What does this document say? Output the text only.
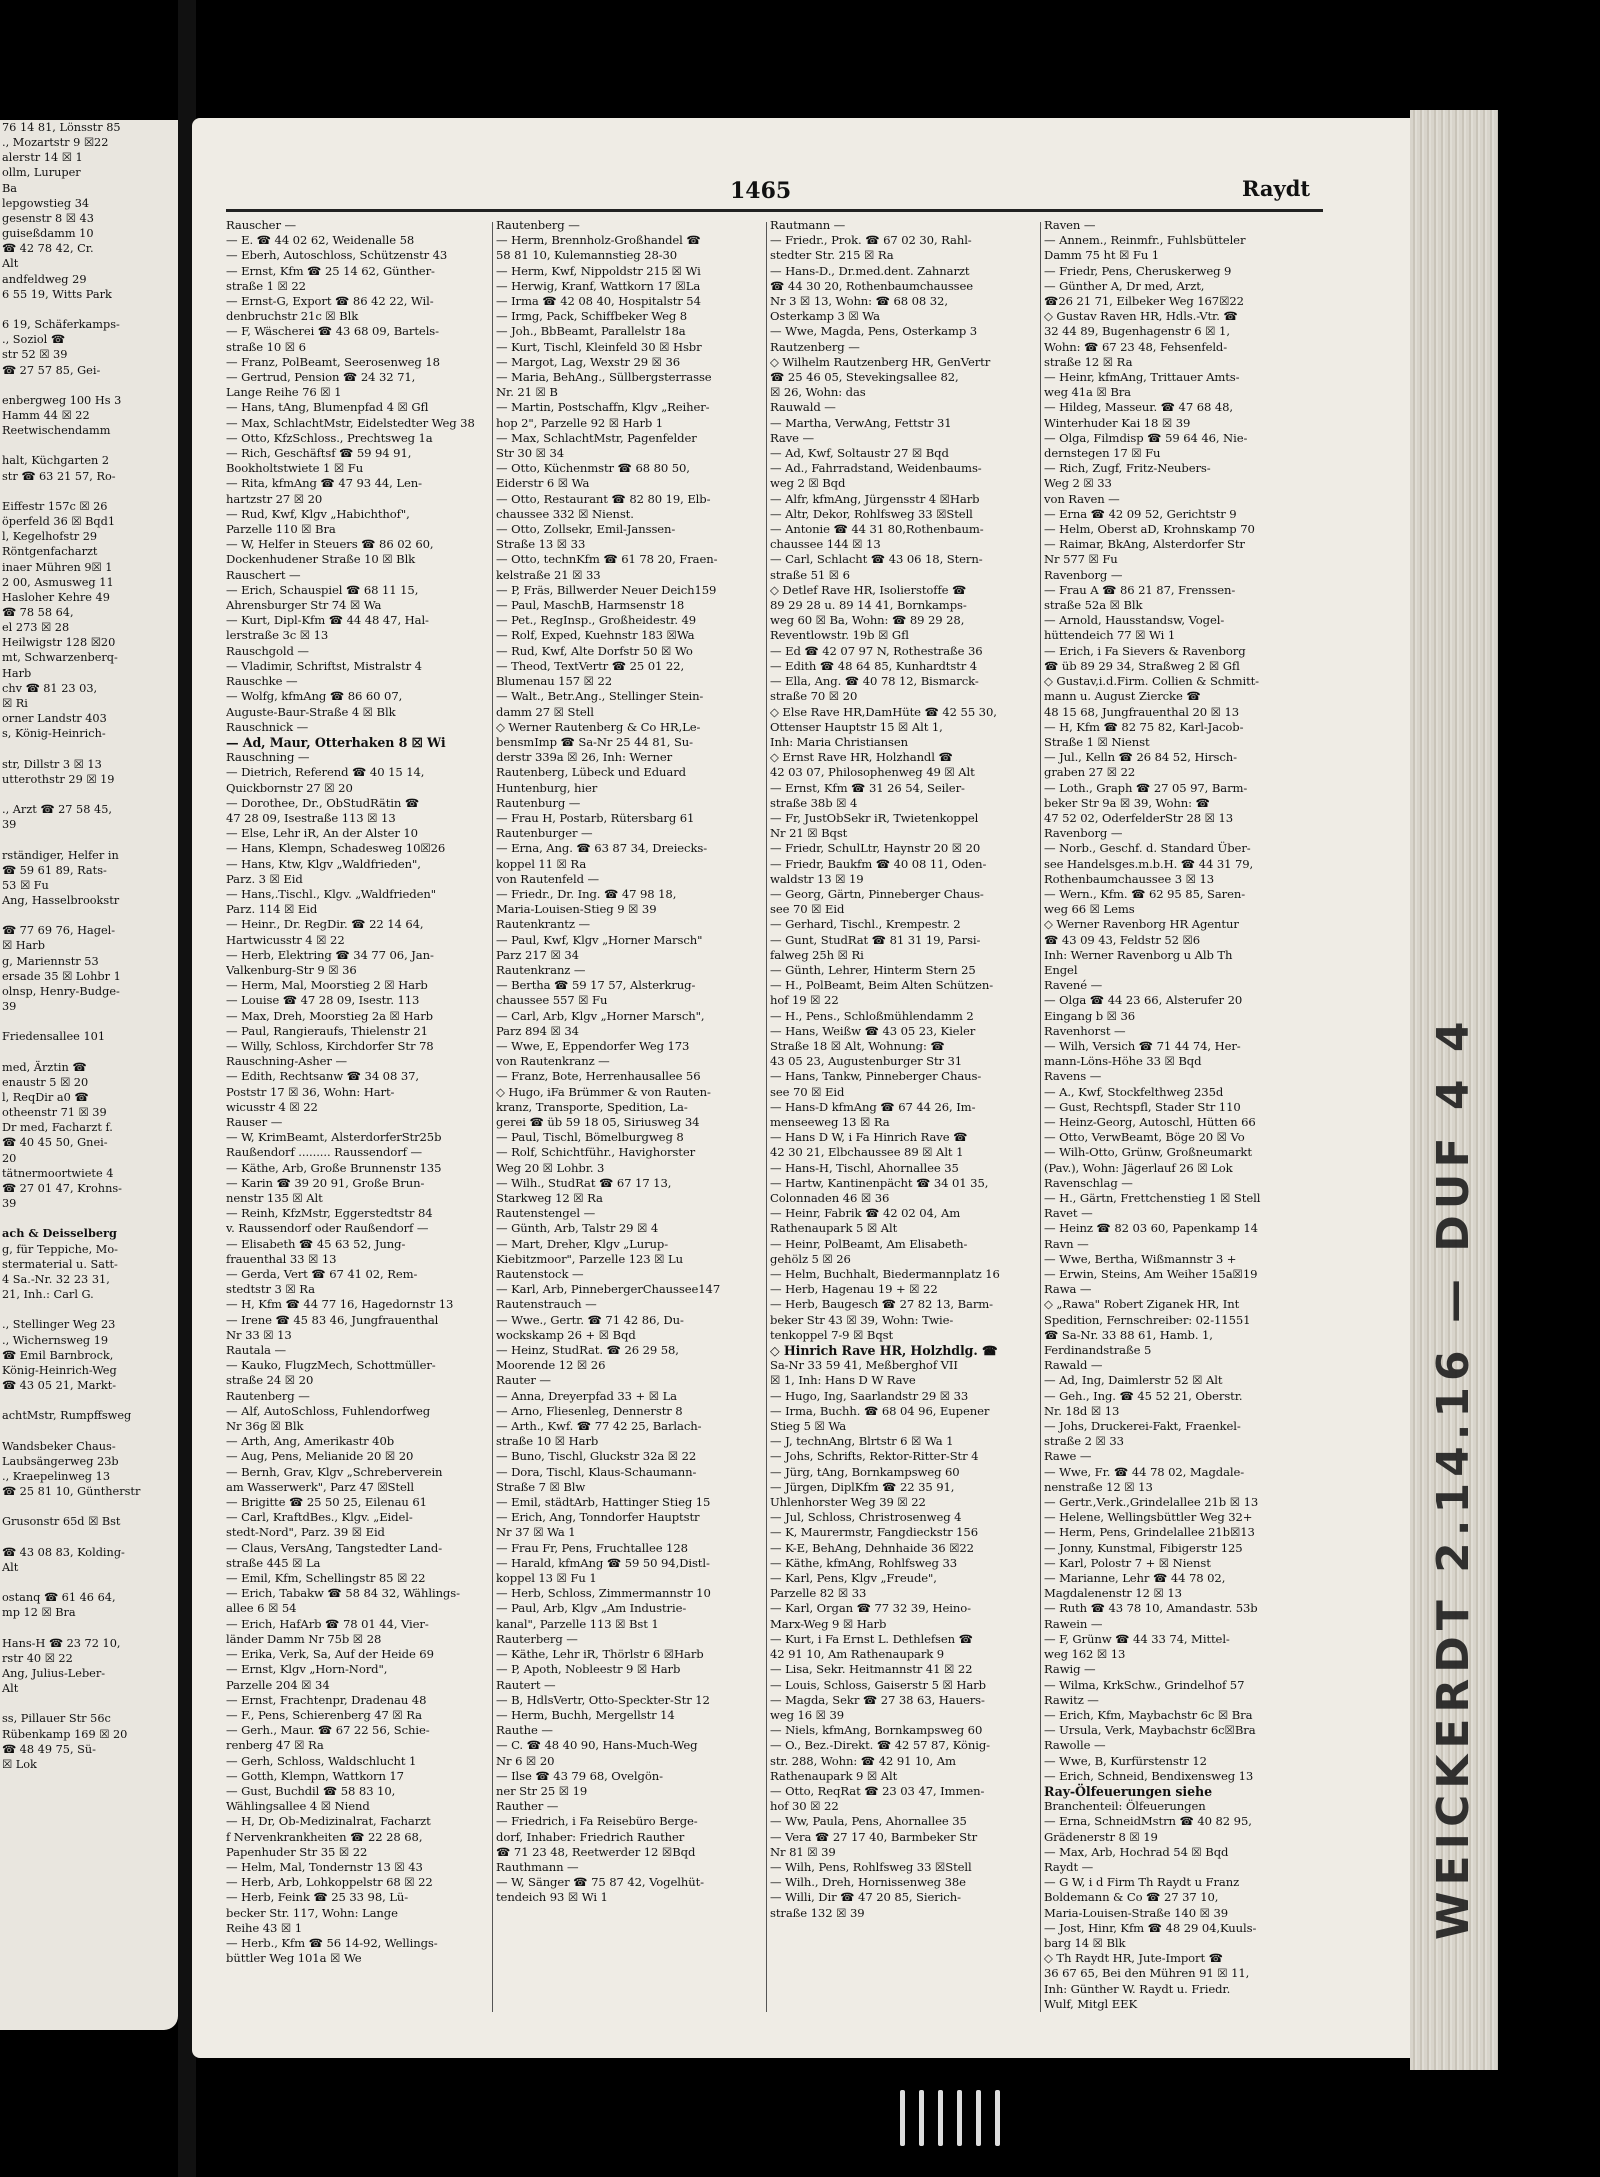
76 14 81, Lönsstr 85
., Mozartstr 9 ☒22
alerstr 14 ☒ 1
ollm, Luruper
Ba
lepgowstieg 34
gesenstr 8 ☒ 43
guiseßdamm 10
☎ 42 78 42, Cr.
Alt
andfeldweg 29
6 55 19, Witts Park

6 19, Schäferkamps-
., Soziol ☎
str 52 ☒ 39
☎ 27 57 85, Gei-

enbergweg 100 Hs 3
Hamm 44 ☒ 22
Reetwischendamm

halt, Küchgarten 2
str ☎ 63 21 57, Ro-

Eiffestr 157c ☒ 26
öperfeld 36 ☒ Bqd1
l, Kegelhofstr 29
Röntgenfacharzt
inaer Mühren 9☒ 1
2 00, Asmusweg 11
Hasloher Kehre 49
☎ 78 58 64,
el 273 ☒ 28
Heilwigstr 128 ☒20
mt, Schwarzenberq-
Harb
chv ☎ 81 23 03,
☒ Ri
orner Landstr 403
s, König-Heinrich-

str, Dillstr 3 ☒ 13
utterothstr 29 ☒ 19

., Arzt ☎ 27 58 45,
39

rständiger, Helfer in
☎ 59 61 89, Rats-
53 ☒ Fu
Ang, Hasselbrookstr

☎ 77 69 76, Hagel-
☒ Harb
g, Mariennstr 53
ersade 35 ☒ Lohbr 1
olnsp, Henry-Budge-
39

Friedensallee 101

med, Ärztin ☎
enaustr 5 ☒ 20
l, ReqDir a0 ☎
otheenstr 71 ☒ 39
Dr med, Facharzt f.
☎ 40 45 50, Gnei-
20
tätnermoortwiete 4
☎ 27 01 47, Krohns-
39

ach & Deisselberg
g, für Teppiche, Mo-
stermaterial u. Satt-
4 Sa.-Nr. 32 23 31,
21, Inh.: Carl G.

., Stellinger Weg 23
., Wichernsweg 19
☎ Emil Barnbrock,
König-Heinrich-Weg
☎ 43 05 21, Markt-

achtMstr, Rumpffsweg

Wandsbeker Chaus-
Laubsängerweg 23b
., Kraepelinweg 13
☎ 25 81 10, Güntherstr

Grusonstr 65d ☒ Bst

☎ 43 08 83, Kolding-
Alt

ostanq ☎ 61 46 64,
mp 12 ☒ Bra

Hans-H ☎ 23 72 10,
rstr 40 ☒ 22
Ang, Julius-Leber-
Alt

ss, Pillauer Str 56c
Rübenkamp 169 ☒ 20
☎ 48 49 75, Sü-
☒ Lok	WEICKERDT 2.14.16 — DUF 4 4
1465	Raydt
Rauscher —
— E. ☎ 44 02 62, Weidenalle 58
— Eberh, Autoschloss, Schützenstr 43
— Ernst, Kfm ☎ 25 14 62, Günther-
straße 1 ☒ 22
— Ernst-G, Export ☎ 86 42 22, Wil-
denbruchstr 21c ☒ Blk
— F, Wäscherei ☎ 43 68 09, Bartels-
straße 10 ☒ 6
— Franz, PolBeamt, Seerosenweg 18
— Gertrud, Pension ☎ 24 32 71,
Lange Reihe 76 ☒ 1
— Hans, tAng, Blumenpfad 4 ☒ Gfl
— Max, SchlachtMstr, Eidelstedter Weg 38
— Otto, KfzSchloss., Prechtsweg 1a
— Rich, Geschäftsf ☎ 59 94 91,
Bookholtstwiete 1 ☒ Fu
— Rita, kfmAng ☎ 47 93 44, Len-
hartzstr 27 ☒ 20
— Rud, Kwf, Klgv „Habichthof",
Parzelle 110 ☒ Bra
— W, Helfer in Steuers ☎ 86 02 60,
Dockenhudener Straße 10 ☒ Blk
Rauschert —
— Erich, Schauspiel ☎ 68 11 15,
Ahrensburger Str 74 ☒ Wa
— Kurt, Dipl-Kfm ☎ 44 48 47, Hal-
lerstraße 3c ☒ 13
Rauschgold —
— Vladimir, Schriftst, Mistralstr 4
Rauschke —
— Wolfg, kfmAng ☎ 86 60 07,
Auguste-Baur-Straße 4 ☒ Blk
Rauschnick —
— Ad, Maur, Otterhaken 8 ☒ Wi
Rauschning —
— Dietrich, Referend ☎ 40 15 14,
Quickbornstr 27 ☒ 20
— Dorothee, Dr., ObStudRätin ☎
47 28 09, Isestraße 113 ☒ 13
— Else, Lehr iR, An der Alster 10
— Hans, Klempn, Schadesweg 10☒26
— Hans, Ktw, Klgv „Waldfrieden",
Parz. 3 ☒ Eid
— Hans,.Tischl., Klgv. „Waldfrieden"
Parz. 114 ☒ Eid
— Heinr., Dr. RegDir. ☎ 22 14 64,
Hartwicusstr 4 ☒ 22
— Herb, Elektring ☎ 34 77 06, Jan-
Valkenburg-Str 9 ☒ 36
— Herm, Mal, Moorstieg 2 ☒ Harb
— Louise ☎ 47 28 09, Isestr. 113
— Max, Dreh, Moorstieg 2a ☒ Harb
— Paul, Rangieraufs, Thielenstr 21
— Willy, Schloss, Kirchdorfer Str 78
Rauschning-Asher —
— Edith, Rechtsanw ☎ 34 08 37,
Poststr 17 ☒ 36, Wohn: Hart-
wicusstr 4 ☒ 22
Rauser —
— W, KrimBeamt, AlsterdorferStr25b
Raußendorf ......... Raussendorf —
— Käthe, Arb, Große Brunnenstr 135
— Karin ☎ 39 20 91, Große Brun-
nenstr 135 ☒ Alt
— Reinh, KfzMstr, Eggerstedtstr 84
v. Raussendorf oder Raußendorf —
— Elisabeth ☎ 45 63 52, Jung-
frauenthal 33 ☒ 13
— Gerda, Vert ☎ 67 41 02, Rem-
stedtstr 3 ☒ Ra
— H, Kfm ☎ 44 77 16, Hagedornstr 13
— Irene ☎ 45 83 46, Jungfrauenthal
Nr 33 ☒ 13
Rautala —
— Kauko, FlugzMech, Schottmüller-
straße 24 ☒ 20
Rautenberg —
— Alf, AutoSchloss, Fuhlendorfweg
Nr 36g ☒ Blk
— Arth, Ang, Amerikastr 40b
— Aug, Pens, Melianide 20 ☒ 20
— Bernh, Grav, Klgv „Schreberverein
am Wasserwerk", Parz 47 ☒Stell
— Brigitte ☎ 25 50 25, Eilenau 61
— Carl, KraftdBes., Klgv. „Eidel-
stedt-Nord", Parz. 39 ☒ Eid
— Claus, VersAng, Tangstedter Land-
straße 445 ☒ La
— Emil, Kfm, Schellingstr 85 ☒ 22
— Erich, Tabakw ☎ 58 84 32, Wählings-
allee 6 ☒ 54
— Erich, HafArb ☎ 78 01 44, Vier-
länder Damm Nr 75b ☒ 28
— Erika, Verk, Sa, Auf der Heide 69
— Ernst, Klgv „Horn-Nord",
Parzelle 204 ☒ 34
— Ernst, Frachtenpr, Dradenau 48
— F., Pens, Schierenberg 47 ☒ Ra
— Gerh., Maur. ☎ 67 22 56, Schie-
renberg 47 ☒ Ra
— Gerh, Schloss, Waldschlucht 1
— Gotth, Klempn, Wattkorn 17
— Gust, Buchdil ☎ 58 83 10,
Wählingsallee 4 ☒ Niend
— H, Dr, Ob-Medizinalrat, Facharzt
f Nervenkrankheiten ☎ 22 28 68,
Papenhuder Str 35 ☒ 22
— Helm, Mal, Tondernstr 13 ☒ 43
— Herb, Arb, Lohkoppelstr 68 ☒ 22
— Herb, Feink ☎ 25 33 98, Lü-
becker Str. 117, Wohn: Lange
Reihe 43 ☒ 1
— Herb., Kfm ☎ 56 14-92, Wellings-
büttler Weg 101a ☒ We
Rautenberg —
— Herm, Brennholz-Großhandel ☎
58 81 10, Kulemannstieg 28-30
— Herm, Kwf, Nippoldstr 215 ☒ Wi
— Herwig, Kranf, Wattkorn 17 ☒La
— Irma ☎ 42 08 40, Hospitalstr 54
— Irmg, Pack, Schiffbeker Weg 8
— Joh., BbBeamt, Parallelstr 18a
— Kurt, Tischl, Kleinfeld 30 ☒ Hsbr
— Margot, Lag, Wexstr 29 ☒ 36
— Maria, BehAng., Süllbergsterrasse
Nr. 21 ☒ B
— Martin, Postschaffn, Klgv „Reiher-
hop 2", Parzelle 92 ☒ Harb 1
— Max, SchlachtMstr, Pagenfelder
Str 30 ☒ 34
— Otto, Küchenmstr ☎ 68 80 50,
Eiderstr 6 ☒ Wa
— Otto, Restaurant ☎ 82 80 19, Elb-
chaussee 332 ☒ Nienst.
— Otto, Zollsekr, Emil-Janssen-
Straße 13 ☒ 33
— Otto, technKfm ☎ 61 78 20, Fraen-
kelstraße 21 ☒ 33
— P, Fräs, Billwerder Neuer Deich159
— Paul, MaschB, Harmsenstr 18
— Pet., RegInsp., Großheidestr. 49
— Rolf, Exped, Kuehnstr 183 ☒Wa
— Rud, Kwf, Alte Dorfstr 50 ☒ Wo
— Theod, TextVertr ☎ 25 01 22,
Blumenau 157 ☒ 22
— Walt., Betr.Ang., Stellinger Stein-
damm 27 ☒ Stell
◇ Werner Rautenberg & Co HR,Le-
bensmImp ☎ Sa-Nr 25 44 81, Su-
derstr 339a ☒ 26, Inh: Werner
Rautenberg, Lübeck und Eduard
Huntenburg, hier
Rautenburg —
— Frau H, Postarb, Rütersbarg 61
Rautenburger —
— Erna, Ang. ☎ 63 87 34, Dreiecks-
koppel 11 ☒ Ra
von Rautenfeld —
— Friedr., Dr. Ing. ☎ 47 98 18,
Maria-Louisen-Stieg 9 ☒ 39
Rautenkrantz —
— Paul, Kwf, Klgv „Horner Marsch"
Parz 217 ☒ 34
Rautenkranz —
— Bertha ☎ 59 17 57, Alsterkrug-
chaussee 557 ☒ Fu
— Carl, Arb, Klgv „Horner Marsch",
Parz 894 ☒ 34
— Wwe, E, Eppendorfer Weg 173
von Rautenkranz —
— Franz, Bote, Herrenhausallee 56
◇ Hugo, iFa Brümmer & von Rauten-
kranz, Transporte, Spedition, La-
gerei ☎ üb 59 18 05, Siriusweg 34
— Paul, Tischl, Bömelburgweg 8
— Rolf, Schichtführ., Havighorster
Weg 20 ☒ Lohbr. 3
— Wilh., StudRat ☎ 67 17 13,
Starkweg 12 ☒ Ra
Rautenstengel —
— Günth, Arb, Talstr 29 ☒ 4
— Mart, Dreher, Klgv „Lurup-
Kiebitzmoor", Parzelle 123 ☒ Lu
Rautenstock —
— Karl, Arb, PinnebergerChaussee147
Rautenstrauch —
— Wwe., Gertr. ☎ 71 42 86, Du-
wockskamp 26 + ☒ Bqd
— Heinz, StudRat. ☎ 26 29 58,
Moorende 12 ☒ 26
Rauter —
— Anna, Dreyerpfad 33 + ☒ La
— Arno, Fliesenleg, Dennerstr 8
— Arth., Kwf. ☎ 77 42 25, Barlach-
straße 10 ☒ Harb
— Buno, Tischl, Gluckstr 32a ☒ 22
— Dora, Tischl, Klaus-Schaumann-
Straße 7 ☒ Blw
— Emil, städtArb, Hattinger Stieg 15
— Erich, Ang, Tonndorfer Hauptstr
Nr 37 ☒ Wa 1
— Frau Fr, Pens, Fruchtallee 128
— Harald, kfmAng ☎ 59 50 94,Distl-
koppel 13 ☒ Fu 1
— Herb, Schloss, Zimmermannstr 10
— Paul, Arb, Klgv „Am Industrie-
kanal", Parzelle 113 ☒ Bst 1
Rauterberg —
— Käthe, Lehr iR, Thörlstr 6 ☒Harb
— P, Apoth, Nobleestr 9 ☒ Harb
Rautert —
— B, HdlsVertr, Otto-Speckter-Str 12
— Herm, Buchh, Mergellstr 14
Rauthe —
— C. ☎ 48 40 90, Hans-Much-Weg
Nr 6 ☒ 20
— Ilse ☎ 43 79 68, Ovelgön-
ner Str 25 ☒ 19
Rauther —
— Friedrich, i Fa Reisebüro Berge-
dorf, Inhaber: Friedrich Rauther
☎ 71 23 48, Reetwerder 12 ☒Bqd
Rauthmann —
— W, Sänger ☎ 75 87 42, Vogelhüt-
tendeich 93 ☒ Wi 1
Rautmann —
— Friedr., Prok. ☎ 67 02 30, Rahl-
stedter Str. 215 ☒ Ra
— Hans-D., Dr.med.dent. Zahnarzt
☎ 44 30 20, Rothenbaumchaussee
Nr 3 ☒ 13, Wohn: ☎ 68 08 32,
Osterkamp 3 ☒ Wa
— Wwe, Magda, Pens, Osterkamp 3
Rautzenberg —
◇ Wilhelm Rautzenberg HR, GenVertr
☎ 25 46 05, Stevekingsallee 82,
☒ 26, Wohn: das
Rauwald —
— Martha, VerwAng, Fettstr 31
Rave —
— Ad, Kwf, Soltaustr 27 ☒ Bqd
— Ad., Fahrradstand, Weidenbaums-
weg 2 ☒ Bqd
— Alfr, kfmAng, Jürgensstr 4 ☒Harb
— Altr, Dekor, Rohlfsweg 33 ☒Stell
— Antonie ☎ 44 31 80,Rothenbaum-
chaussee 144 ☒ 13
— Carl, Schlacht ☎ 43 06 18, Stern-
straße 51 ☒ 6
◇ Detlef Rave HR, Isolierstoffe ☎
89 29 28 u. 89 14 41, Bornkamps-
weg 60 ☒ Ba, Wohn: ☎ 89 29 28,
Reventlowstr. 19b ☒ Gfl
— Ed ☎ 42 07 97 N, Rothestraße 36
— Edith ☎ 48 64 85, Kunhardtstr 4
— Ella, Ang. ☎ 40 78 12, Bismarck-
straße 70 ☒ 20
◇ Else Rave HR,DamHüte ☎ 42 55 30,
Ottenser Hauptstr 15 ☒ Alt 1,
Inh: Maria Christiansen
◇ Ernst Rave HR, Holzhandl ☎
42 03 07, Philosophenweg 49 ☒ Alt
— Ernst, Kfm ☎ 31 26 54, Seiler-
straße 38b ☒ 4
— Fr, JustObSekr iR, Twietenkoppel
Nr 21 ☒ Bqst
— Friedr, SchulLtr, Haynstr 20 ☒ 20
— Friedr, Baukfm ☎ 40 08 11, Oden-
waldstr 13 ☒ 19
— Georg, Gärtn, Pinneberger Chaus-
see 70 ☒ Eid
— Gerhard, Tischl., Krempestr. 2
— Gunt, StudRat ☎ 81 31 19, Parsi-
falweg 25h ☒ Ri
— Günth, Lehrer, Hinterm Stern 25
— H., PolBeamt, Beim Alten Schützen-
hof 19 ☒ 22
— H., Pens., Schloßmühlendamm 2
— Hans, Weißw ☎ 43 05 23, Kieler
Straße 18 ☒ Alt, Wohnung: ☎
43 05 23, Augustenburger Str 31
— Hans, Tankw, Pinneberger Chaus-
see 70 ☒ Eid
— Hans-D kfmAng ☎ 67 44 26, Im-
menseeweg 13 ☒ Ra
— Hans D W, i Fa Hinrich Rave ☎
42 30 21, Elbchaussee 89 ☒ Alt 1
— Hans-H, Tischl, Ahornallee 35
— Hartw, Kantinenpächt ☎ 34 01 35,
Colonnaden 46 ☒ 36
— Heinr, Fabrik ☎ 42 02 04, Am
Rathenaupark 5 ☒ Alt
— Heinr, PolBeamt, Am Elisabeth-
gehölz 5 ☒ 26
— Helm, Buchhalt, Biedermannplatz 16
— Herb, Hagenau 19 + ☒ 22
— Herb, Baugesch ☎ 27 82 13, Barm-
beker Str 43 ☒ 39, Wohn: Twie-
tenkoppel 7-9 ☒ Bqst
◇ Hinrich Rave HR, Holzhdlg. ☎
Sa-Nr 33 59 41, Meßberghof VII
☒ 1, Inh: Hans D W Rave
— Hugo, Ing, Saarlandstr 29 ☒ 33
— Irma, Buchh. ☎ 68 04 96, Eupener
Stieg 5 ☒ Wa
— J, technAng, Blrtstr 6 ☒ Wa 1
— Johs, Schrifts, Rektor-Ritter-Str 4
— Jürg, tAng, Bornkampsweg 60
— Jürgen, DiplKfm ☎ 22 35 91,
Uhlenhorster Weg 39 ☒ 22
— Jul, Schloss, Christrosenweg 4
— K, Maurermstr, Fangdieckstr 156
— K-E, BehAng, Dehnhaide 36 ☒22
— Käthe, kfmAng, Rohlfsweg 33
— Karl, Pens, Klgv „Freude",
Parzelle 82 ☒ 33
— Karl, Organ ☎ 77 32 39, Heino-
Marx-Weg 9 ☒ Harb
— Kurt, i Fa Ernst L. Dethlefsen ☎
42 91 10, Am Rathenaupark 9
— Lisa, Sekr. Heitmannstr 41 ☒ 22
— Louis, Schloss, Gaiserstr 5 ☒ Harb
— Magda, Sekr ☎ 27 38 63, Hauers-
weg 16 ☒ 39
— Niels, kfmAng, Bornkampsweg 60
— O., Bez.-Direkt. ☎ 42 57 87, König-
str. 288, Wohn: ☎ 42 91 10, Am
Rathenaupark 9 ☒ Alt
— Otto, ReqRat ☎ 23 03 47, Immen-
hof 30 ☒ 22
— Ww, Paula, Pens, Ahornallee 35
— Vera ☎ 27 17 40, Barmbeker Str
Nr 81 ☒ 39
— Wilh, Pens, Rohlfsweg 33 ☒Stell
— Wilh., Dreh, Hornissenweg 38e
— Willi, Dir ☎ 47 20 85, Sierich-
straße 132 ☒ 39
Raven —
— Annem., Reinmfr., Fuhlsbütteler
Damm 75 ht ☒ Fu 1
— Friedr, Pens, Cheruskerweg 9
— Günther A, Dr med, Arzt,
☎26 21 71, Eilbeker Weg 167☒22
◇ Gustav Raven HR, Hdls.-Vtr. ☎
32 44 89, Bugenhagenstr 6 ☒ 1,
Wohn: ☎ 67 23 48, Fehsenfeld-
straße 12 ☒ Ra
— Heinr, kfmAng, Trittauer Amts-
weg 41a ☒ Bra
— Hildeg, Masseur. ☎ 47 68 48,
Winterhuder Kai 18 ☒ 39
— Olga, Filmdisp ☎ 59 64 46, Nie-
dernstegen 17 ☒ Fu
— Rich, Zugf, Fritz-Neubers-
Weg 2 ☒ 33
von Raven —
— Erna ☎ 42 09 52, Gerichtstr 9
— Helm, Oberst aD, Krohnskamp 70
— Raimar, BkAng, Alsterdorfer Str
Nr 577 ☒ Fu
Ravenborg —
— Frau A ☎ 86 21 87, Frenssen-
straße 52a ☒ Blk
— Arnold, Hausstandsw, Vogel-
hüttendeich 77 ☒ Wi 1
— Erich, i Fa Sievers & Ravenborg
☎ üb 89 29 34, Straßweg 2 ☒ Gfl
◇ Gustav,i.d.Firm. Collien & Schmitt-
mann u. August Ziercke ☎
48 15 68, Jungfrauenthal 20 ☒ 13
— H, Kfm ☎ 82 75 82, Karl-Jacob-
Straße 1 ☒ Nienst
— Jul., Kelln ☎ 26 84 52, Hirsch-
graben 27 ☒ 22
— Loth., Graph ☎ 27 05 97, Barm-
beker Str 9a ☒ 39, Wohn: ☎
47 52 02, OderfelderStr 28 ☒ 13
Ravenborg —
— Norb., Geschf. d. Standard Über-
see Handelsges.m.b.H. ☎ 44 31 79,
Rothenbaumchaussee 3 ☒ 13
— Wern., Kfm. ☎ 62 95 85, Saren-
weg 66 ☒ Lems
◇ Werner Ravenborg HR Agentur
☎ 43 09 43, Feldstr 52 ☒6
Inh: Werner Ravenborg u Alb Th
Engel
Ravené —
— Olga ☎ 44 23 66, Alsterufer 20
Eingang b ☒ 36
Ravenhorst —
— Wilh, Versich ☎ 71 44 74, Her-
mann-Löns-Höhe 33 ☒ Bqd
Ravens —
— A., Kwf, Stockfelthweg 235d
— Gust, Rechtspfl, Stader Str 110
— Heinz-Georg, Autoschl, Hütten 66
— Otto, VerwBeamt, Böge 20 ☒ Vo
— Wilh-Otto, Grünw, Großneumarkt
(Pav.), Wohn: Jägerlauf 26 ☒ Lok
Ravenschlag —
— H., Gärtn, Frettchenstieg 1 ☒ Stell
Ravet —
— Heinz ☎ 82 03 60, Papenkamp 14
Ravn —
— Wwe, Bertha, Wißmannstr 3 +
— Erwin, Steins, Am Weiher 15a☒19
Rawa —
◇ „Rawa" Robert Ziganek HR, Int
Spedition, Fernschreiber: 02-11551
☎ Sa-Nr. 33 88 61, Hamb. 1,
Ferdinandstraße 5
Rawald —
— Ad, Ing, Daimlerstr 52 ☒ Alt
— Geh., Ing. ☎ 45 52 21, Oberstr.
Nr. 18d ☒ 13
— Johs, Druckerei-Fakt, Fraenkel-
straße 2 ☒ 33
Rawe —
— Wwe, Fr. ☎ 44 78 02, Magdale-
nenstraße 12 ☒ 13
— Gertr.,Verk.,Grindelallee 21b ☒ 13
— Helene, Wellingsbüttler Weg 32+
— Herm, Pens, Grindelallee 21b☒13
— Jonny, Kunstmal, Fibigerstr 125
— Karl, Polostr 7 + ☒ Nienst
— Marianne, Lehr ☎ 44 78 02,
Magdalenenstr 12 ☒ 13
— Ruth ☎ 43 78 10, Amandastr. 53b
Rawein —
— F, Grünw ☎ 44 33 74, Mittel-
weg 162 ☒ 13
Rawig —
— Wilma, KrkSchw., Grindelhof 57
Rawitz —
— Erich, Kfm, Maybachstr 6c ☒ Bra
— Ursula, Verk, Maybachstr 6c☒Bra
Rawolle —
— Wwe, B, Kurfürstenstr 12
— Erich, Schneid, Bendixensweg 13
Ray-Ölfeuerungen siehe
Branchenteil: Ölfeuerungen
— Erna, SchneidMstrn ☎ 40 82 95,
Grädenerstr 8 ☒ 19
— Max, Arb, Hochrad 54 ☒ Bqd
Raydt —
— G W, i d Firm Th Raydt u Franz
Boldemann & Co ☎ 27 37 10,
Maria-Louisen-Straße 140 ☒ 39
— Jost, Hinr, Kfm ☎ 48 29 04,Kuuls-
barg 14 ☒ Blk
◇ Th Raydt HR, Jute-Import ☎
36 67 65, Bei den Mühren 91 ☒ 11,
Inh: Günther W. Raydt u. Friedr.
Wulf, Mitgl EEK
